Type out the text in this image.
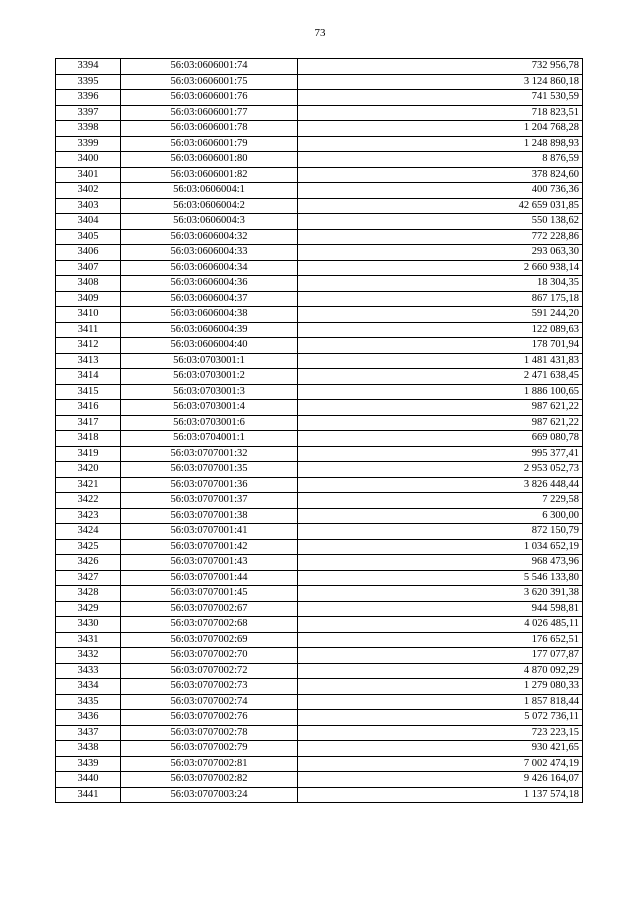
73
3394	56:03:0606001:74	732 956,78
3395	56:03:0606001:75	3 124 860,18
3396	56:03:0606001:76	741 530,59
3397	56:03:0606001:77	718 823,51
3398	56:03:0606001:78	1 204 768,28
3399	56:03:0606001:79	1 248 898,93
3400	56:03:0606001:80	8 876,59
3401	56:03:0606001:82	378 824,60
3402	56:03:0606004:1	400 736,36
3403	56:03:0606004:2	42 659 031,85
3404	56:03:0606004:3	550 138,62
3405	56:03:0606004:32	772 228,86
3406	56:03:0606004:33	293 063,30
3407	56:03:0606004:34	2 660 938,14
3408	56:03:0606004:36	18 304,35
3409	56:03:0606004:37	867 175,18
3410	56:03:0606004:38	591 244,20
3411	56:03:0606004:39	122 089,63
3412	56:03:0606004:40	178 701,94
3413	56:03:0703001:1	1 481 431,83
3414	56:03:0703001:2	2 471 638,45
3415	56:03:0703001:3	1 886 100,65
3416	56:03:0703001:4	987 621,22
3417	56:03:0703001:6	987 621,22
3418	56:03:0704001:1	669 080,78
3419	56:03:0707001:32	995 377,41
3420	56:03:0707001:35	2 953 052,73
3421	56:03:0707001:36	3 826 448,44
3422	56:03:0707001:37	7 229,58
3423	56:03:0707001:38	6 300,00
3424	56:03:0707001:41	872 150,79
3425	56:03:0707001:42	1 034 652,19
3426	56:03:0707001:43	968 473,96
3427	56:03:0707001:44	5 546 133,80
3428	56:03:0707001:45	3 620 391,38
3429	56:03:0707002:67	944 598,81
3430	56:03:0707002:68	4 026 485,11
3431	56:03:0707002:69	176 652,51
3432	56:03:0707002:70	177 077,87
3433	56:03:0707002:72	4 870 092,29
3434	56:03:0707002:73	1 279 080,33
3435	56:03:0707002:74	1 857 818,44
3436	56:03:0707002:76	5 072 736,11
3437	56:03:0707002:78	723 223,15
3438	56:03:0707002:79	930 421,65
3439	56:03:0707002:81	7 002 474,19
3440	56:03:0707002:82	9 426 164,07
3441	56:03:0707003:24	1 137 574,18
